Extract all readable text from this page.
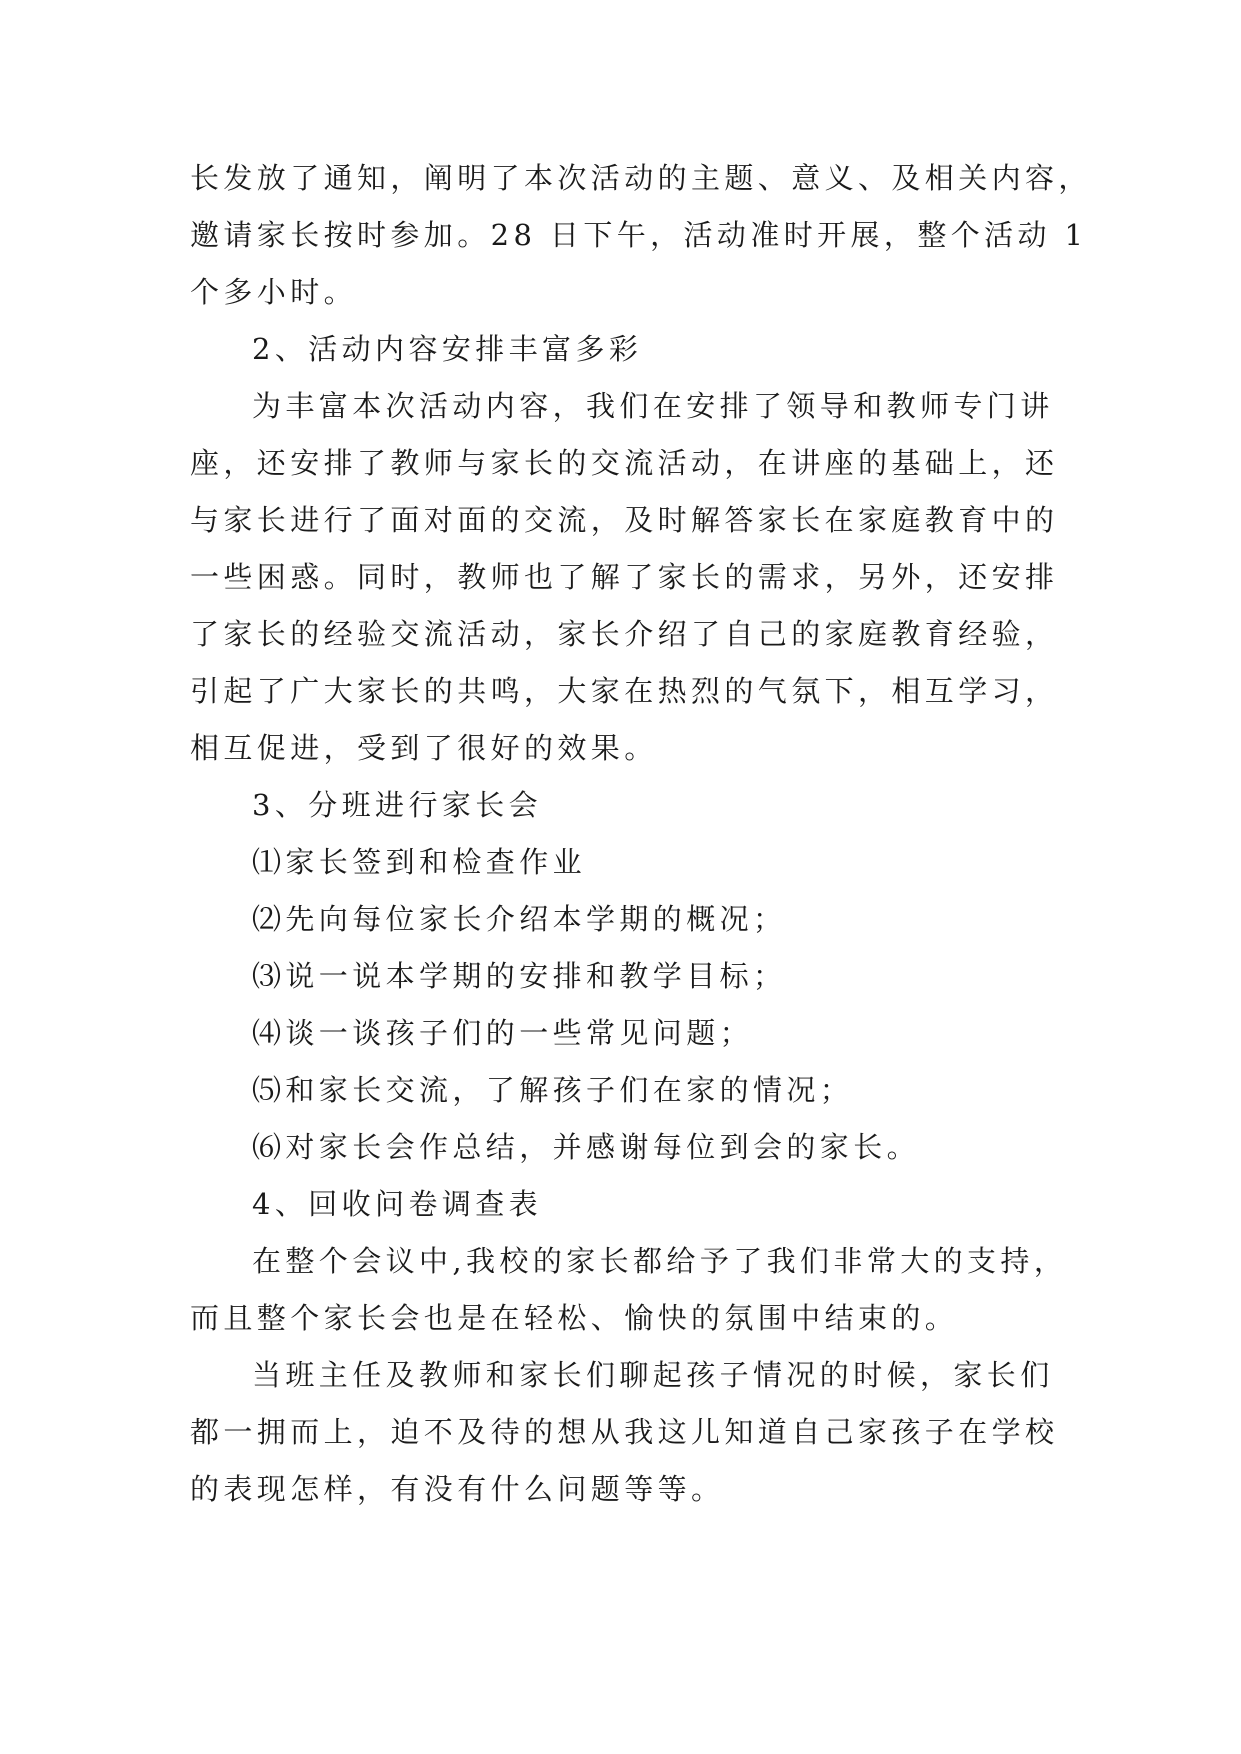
长发放了通知，阐明了本次活动的主题、意义、及相关内容，
邀请家长按时参加。28 日下午，活动准时开展，整个活动 1
个多小时。
2、活动内容安排丰富多彩
为丰富本次活动内容，我们在安排了领导和教师专门讲
座，还安排了教师与家长的交流活动，在讲座的基础上，还
与家长进行了面对面的交流，及时解答家长在家庭教育中的
一些困惑。同时，教师也了解了家长的需求，另外，还安排
了家长的经验交流活动，家长介绍了自己的家庭教育经验，
引起了广大家长的共鸣，大家在热烈的气氛下，相互学习，
相互促进，受到了很好的效果。
3、分班进行家长会
⑴家长签到和检查作业
⑵先向每位家长介绍本学期的概况；
⑶说一说本学期的安排和教学目标；
⑷谈一谈孩子们的一些常见问题；
⑸和家长交流，了解孩子们在家的情况；
⑹对家长会作总结，并感谢每位到会的家长。
4、回收问卷调查表
在整个会议中,我校的家长都给予了我们非常大的支持，
而且整个家长会也是在轻松、愉快的氛围中结束的。
当班主任及教师和家长们聊起孩子情况的时候，家长们
都一拥而上，迫不及待的想从我这儿知道自己家孩子在学校
的表现怎样，有没有什么问题等等。
